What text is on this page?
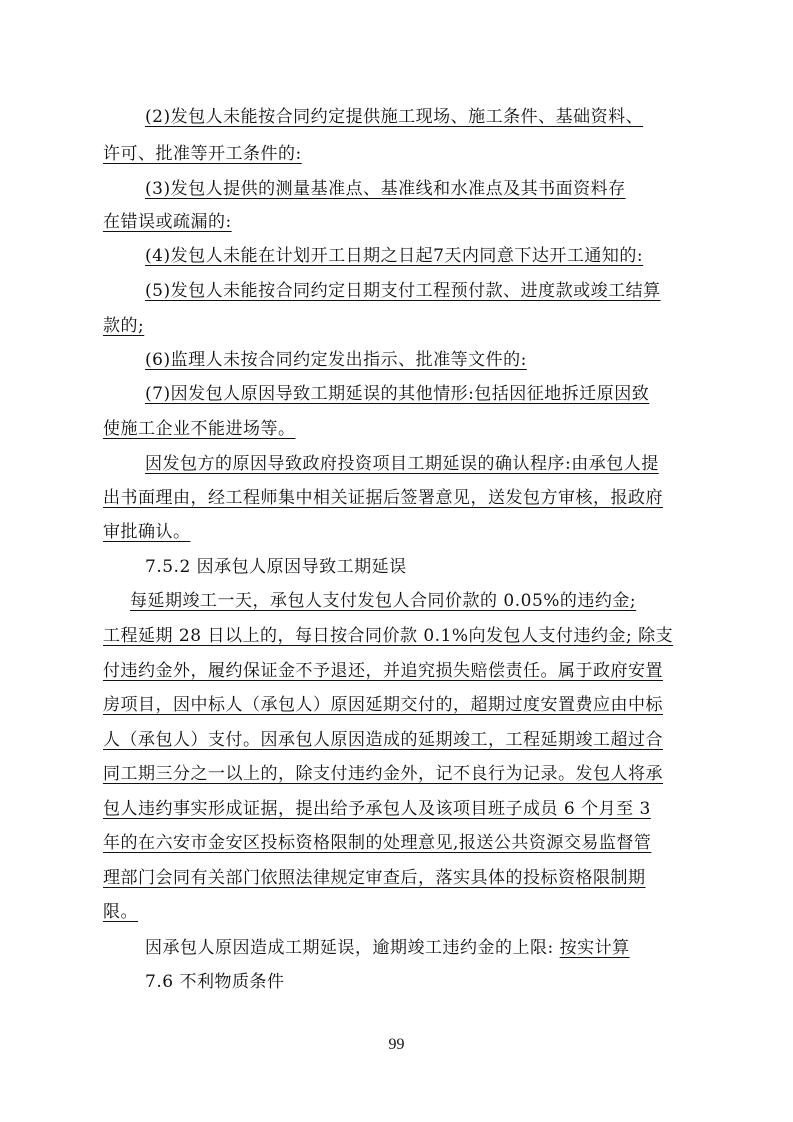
(2)发包人未能按合同约定提供施工现场、施工条件、基础资料、
许可、批准等开工条件的:
(3)发包人提供的测量基准点、基准线和水准点及其书面资料存
在错误或疏漏的:
(4)发包人未能在计划开工日期之日起7天内同意下达开工通知的:
(5)发包人未能按合同约定日期支付工程预付款、进度款或竣工结算
款的;
(6)监理人未按合同约定发出指示、批准等文件的:
(7)因发包人原因导致工期延误的其他情形:包括因征地拆迁原因致
使施工企业不能进场等。
因发包方的原因导致政府投资项目工期延误的确认程序:由承包人提
出书面理由，经工程师集中相关证据后签署意见，送发包方审核，报政府
审批确认。
7.5.2 因承包人原因导致工期延误
每延期竣工一天，承包人支付发包人合同价款的 0.05%的违约金;
工程延期 28 日以上的，每日按合同价款 0.1%向发包人支付违约金; 除支
付违约金外，履约保证金不予退还，并追究损失赔偿责任。属于政府安置
房项目，因中标人（承包人）原因延期交付的，超期过度安置费应由中标
人（承包人）支付。因承包人原因造成的延期竣工，工程延期竣工超过合
同工期三分之一以上的，除支付违约金外，记不良行为记录。发包人将承
包人违约事实形成证据，提出给予承包人及该项目班子成员 6 个月至 3
年的在六安市金安区投标资格限制的处理意见,报送公共资源交易监督管
理部门会同有关部门依照法律规定审查后，落实具体的投标资格限制期
限。
因承包人原因造成工期延误，逾期竣工违约金的上限: 按实计算
7.6 不利物质条件
99
